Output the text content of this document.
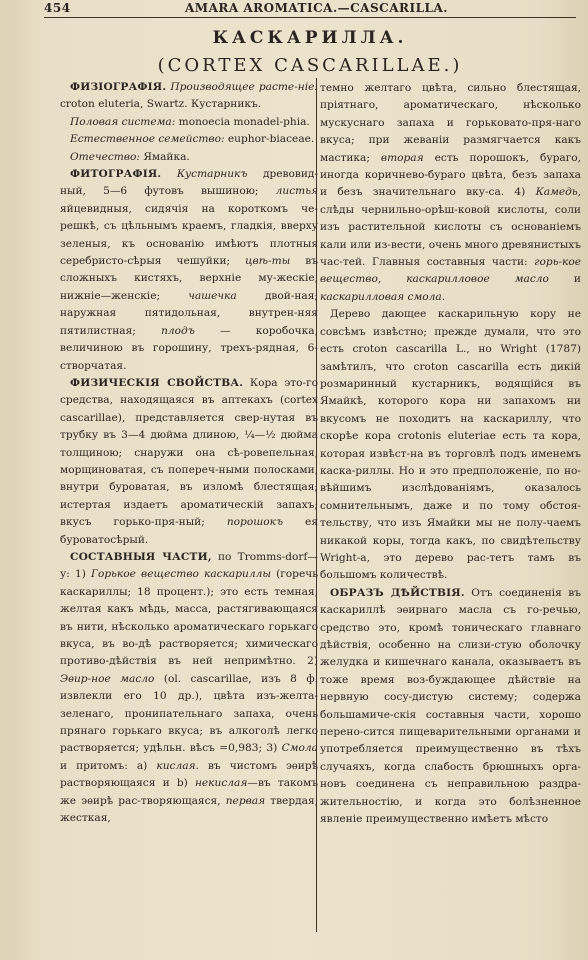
454	AMARA AROMATICA.—CASCARILLA.
КАСКАРИЛЛА.
(CORTEX CASCARILLAE.)

ФИЗІОГРАФІЯ. Производящее расте-ніе: croton eluteria, Swartz. Кустарникъ.

Половая система: monoecia monadel-phia.

Естественное семейство: euphor-biaceae.

Отечество: Ямайка.

ФИТОГРАФІЯ. Кустарникъ древовид-ный, 5—6 футовъ вышиною; листья яйцевидныя, сидячія на короткомъ че-решкѣ, съ цѣльнымъ краемъ, гладкія, вверху зеленыя, къ основанію имѣютъ плотныя серебристо-сѣрыя чешуйки; цвѣ-ты въ сложныхъ кистяхъ, верхніе му-жескіе, нижніе—женскіе; чашечка двой-ная; наружная пятидольная, внутрен-няя пятилистная; плодъ — коробочка, величиною въ горошину, трехъ-рядная, 6-створчатая.

ФИЗИЧЕСКІЯ СВОЙСТВА. Кора это-го средства, находящаяся въ аптекахъ (cortex cascarillae), представляется свер-нутая въ трубку въ 3—4 дюйма длиною, ¼—½ дюйма толщиною; снаружи она сѣ-ровепельная, морщиноватая, съ попереч-ными полосками, внутри буроватая, въ изломѣ блестящая; истертая издаетъ ароматическій запахъ; вкусъ горько-пря-ный; порошокъ ея буроватосѣрый.

СОСТАВНЫЯ ЧАСТИ, по Tromms-dorf—у: 1) Горькое вещество каскариллы (горечь каскариллы; 18 процент.); это есть темная, желтая какъ мѣдь, масса, растягивающаяся въ нити, нѣсколько ароматическаго горькаго вкуса, въ во-дѣ растворяется; химическаго противо-дѣйствія въ ней непримѣтно. 2) Эѳир-ное масло (ol. cascarillae, изъ 8 ф. извлекли его 10 др.), цвѣта изъ-желта-зеленаго, пронипательнаго запаха, очень прянаго горькаго вкуса; въ алкоголѣ легко растворяется; удѣльн. вѣсъ =0,983; 3) Смола и притомъ: a) кислая. въ чистомъ эѳирѣ растворяющаяся и b) некислая—въ такомъ же эѳирѣ рас-творяющаяся, первая твердая, жесткая,

темно желтаго цвѣта, сильно блестящая, пріятнаго, ароматическаго, нѣсколько мускуснаго запаха и горьковато-пря-наго вкуса; при жеваніи размягчается какъ мастика; вторая есть порошокъ, бураго, иногда коричнево-бураго цвѣта, безъ запаха и безъ значительнаго вку-са. 4) Камедь, слѣды чернильно-орѣш-ковой кислоты, соли изъ растительной кислоты съ основаніемъ кали или из-вести, очень много древянистыхъ час-тей. Главныя составныя части: горь-кое вещество, каскарилловое масло и каскарилловая смола.

Дерево дающее каскарильную кору не совсѣмъ извѣстно; прежде думали, что это есть croton cascarilla L., но Wright (1787) замѣтилъ, что croton cascarilla есть дикій розмаринный кустарникъ, водящійся въ Ямайкѣ, которого кора ни запахомъ ни вкусомъ не походитъ на каскариллу, что скорѣе кора crotonis eluteriae есть та кора, которая извѣст-на въ торговлѣ подъ именемъ каска-риллы. Но и это предположеніе, по но-вѣйшимъ изслѣдованіямъ, оказалось сомнительнымъ, даже и по тому обстоя-тельству, что изъ Ямайки мы не полу-чаемъ никакой коры, тогда какъ, по свидѣтельству Wright-а, это дерево рас-тетъ тамъ въ большомъ количествѣ.

ОБРАЗЪ ДѢЙСТВІЯ. Отъ соединенія въ каскариллѣ эѳирнаго масла съ го-речью, средство это, кромѣ тоническаго главнаго дѣйствія, особенно на слизи-стую оболочку желудка и кишечнаго канала, оказываетъ въ тоже время воз-буждающее дѣйствіе на нервную сосу-дистую систему; содержа большамиче-скія составныя части, хорошо перено-сится пищеварительными органами и употребляется преимущественно въ тѣхъ случаяхъ, когда слабость брюшныхъ орга-новъ соединена съ неправильною раздра-жительностію, и когда это болѣзненное явленіе преимущественно имѣетъ мѣсто
